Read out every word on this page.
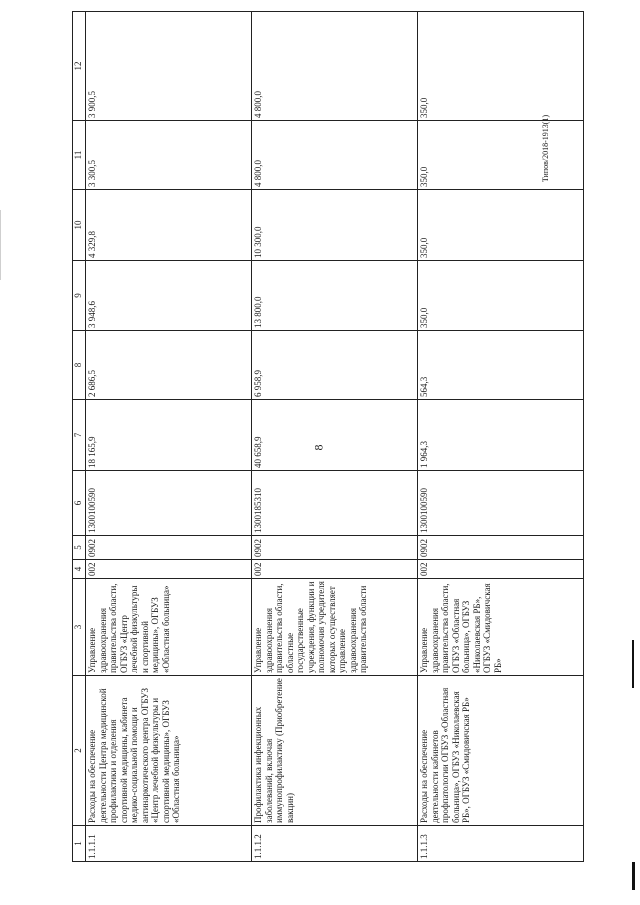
8
Типов/2018-1913(1)
1	2	3	4	5	6	7	8	9	10	11	12
1.1.1.1	Расходы на обеспечение деятельности Центра медицинской профилактики и отделения спортивной медицины, кабинета медико-социальной помощи и антинаркотического центра ОГБУЗ «Центр лечебной физкультуры и спортивной медицины», ОГБУЗ «Областная больница»	Управление здравоохранения правительства области, ОГБУЗ «Центр лечебной физкультуры и спортивной медицины», ОГБУЗ «Областная больница»	002	0902	1300100590	18 165,9	2 686,5	3 948,6	4 329,8	3 300,5	3 900,5
1.1.1.2	Профилактика инфекционных заболеваний, включая иммунопрофилактику (Приобретение вакцин)	Управление здравоохранения правительства области, областные государственные учреждения, функции и полномочия учредителя которых осуществляет управление здравоохранения правительства области	002	0902	1300185310	40 658,9	6 958,9	13 800,0	10 300,0	4 800,0	4 800,0
1.1.1.3	Расходы на обеспечение деятельности кабинетов профпатологии ОГБУЗ «Областная больница», ОГБУЗ «Николаевская РБ», ОГБУЗ «Смидовичская РБ»	Управление здравоохранения правительства области, ОГБУЗ «Областная больница», ОГБУЗ «Николаевская РБ», ОГБУЗ «Смидовичская РБ»	002	0902	1300100590	1 964,3	564,3	350,0	350,0	350,0	350,0
